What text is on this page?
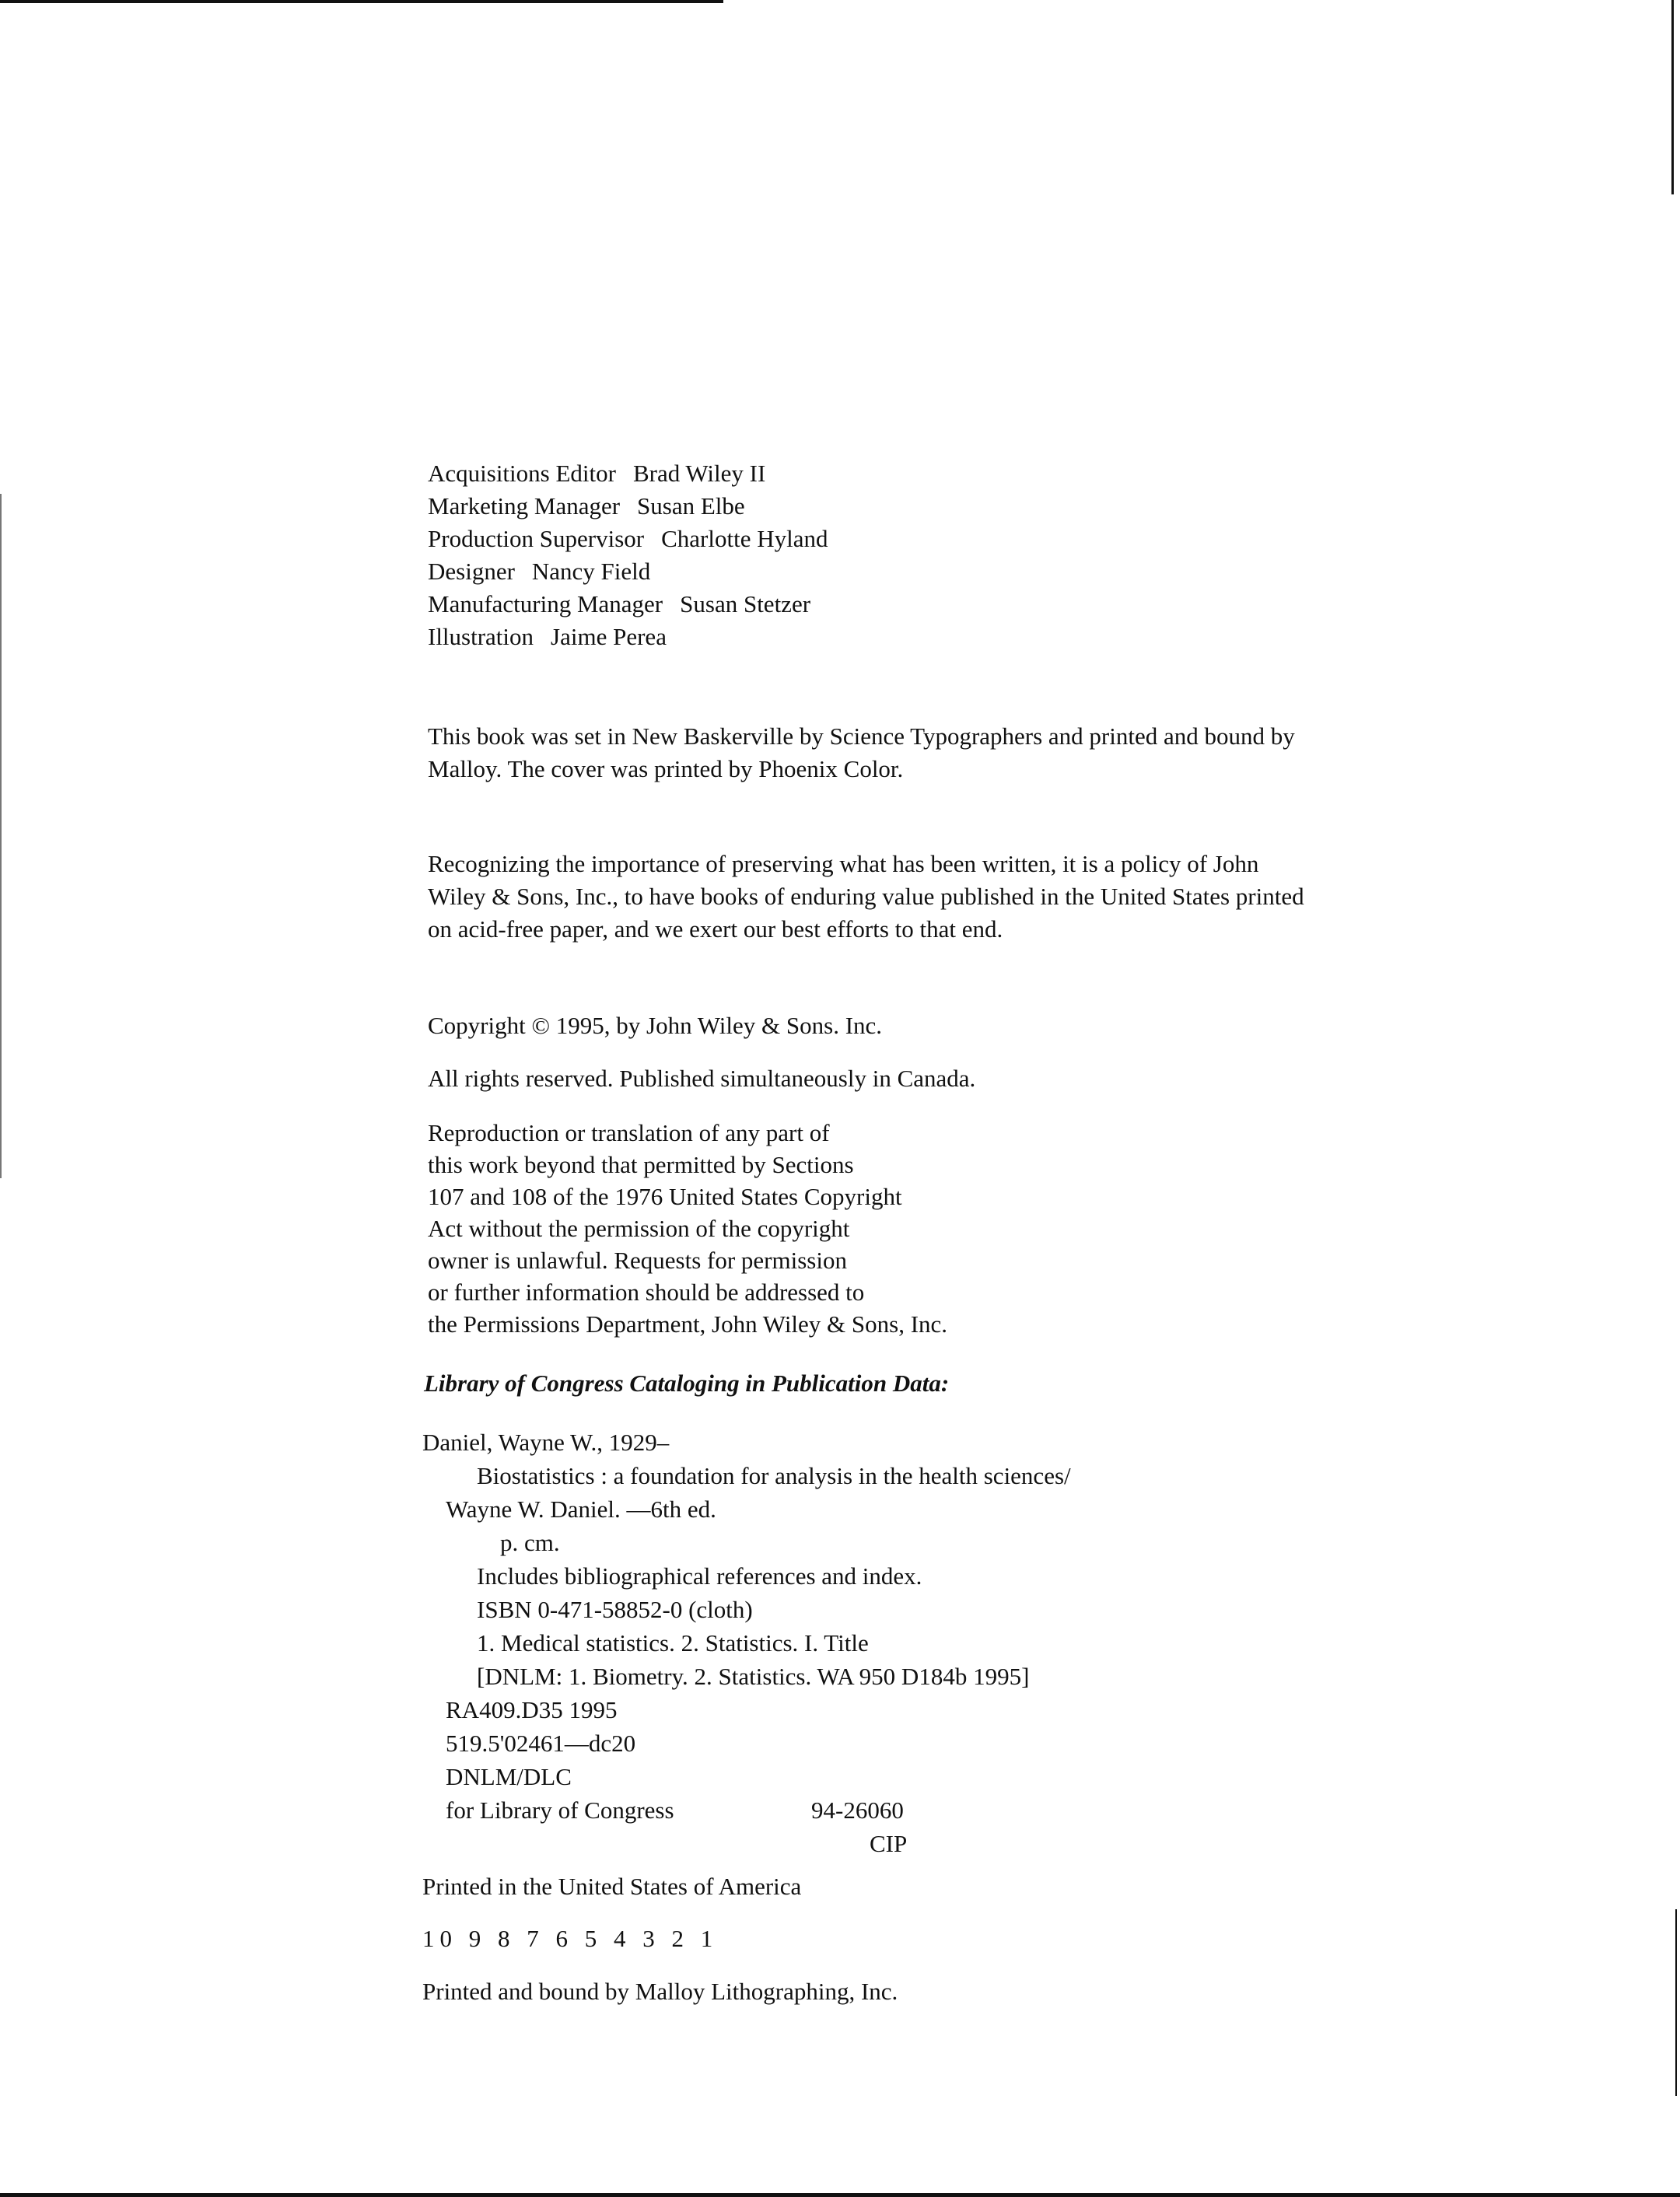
Acquisitions Editor Brad Wiley II
Marketing Manager Susan Elbe
Production Supervisor Charlotte Hyland
Designer Nancy Field
Manufacturing Manager Susan Stetzer
Illustration Jaime Perea
This book was set in New Baskerville by Science Typographers and printed and bound by Malloy. The cover was printed by Phoenix Color.
Recognizing the importance of preserving what has been written, it is a policy of John Wiley & Sons, Inc., to have books of enduring value published in the United States printed on acid-free paper, and we exert our best efforts to that end.
Copyright © 1995, by John Wiley & Sons. Inc.
All rights reserved. Published simultaneously in Canada.
Reproduction or translation of any part of
this work beyond that permitted by Sections
107 and 108 of the 1976 United States Copyright
Act without the permission of the copyright
owner is unlawful. Requests for permission
or further information should be addressed to
the Permissions Department, John Wiley & Sons, Inc.
Library of Congress Cataloging in Publication Data:
Daniel, Wayne W., 1929–
Biostatistics : a foundation for analysis in the health sciences/
Wayne W. Daniel. —6th ed.
p. cm.
Includes bibliographical references and index.
ISBN 0-471-58852-0 (cloth)
1. Medical statistics. 2. Statistics. I. Title
[DNLM: 1. Biometry. 2. Statistics. WA 950 D184b 1995]
RA409.D35 1995
519.5'02461—dc20
DNLM/DLC
for Library of Congress	94-26060
CIP
Printed in the United States of America
10 9 8 7 6 5 4 3 2 1
Printed and bound by Malloy Lithographing, Inc.
